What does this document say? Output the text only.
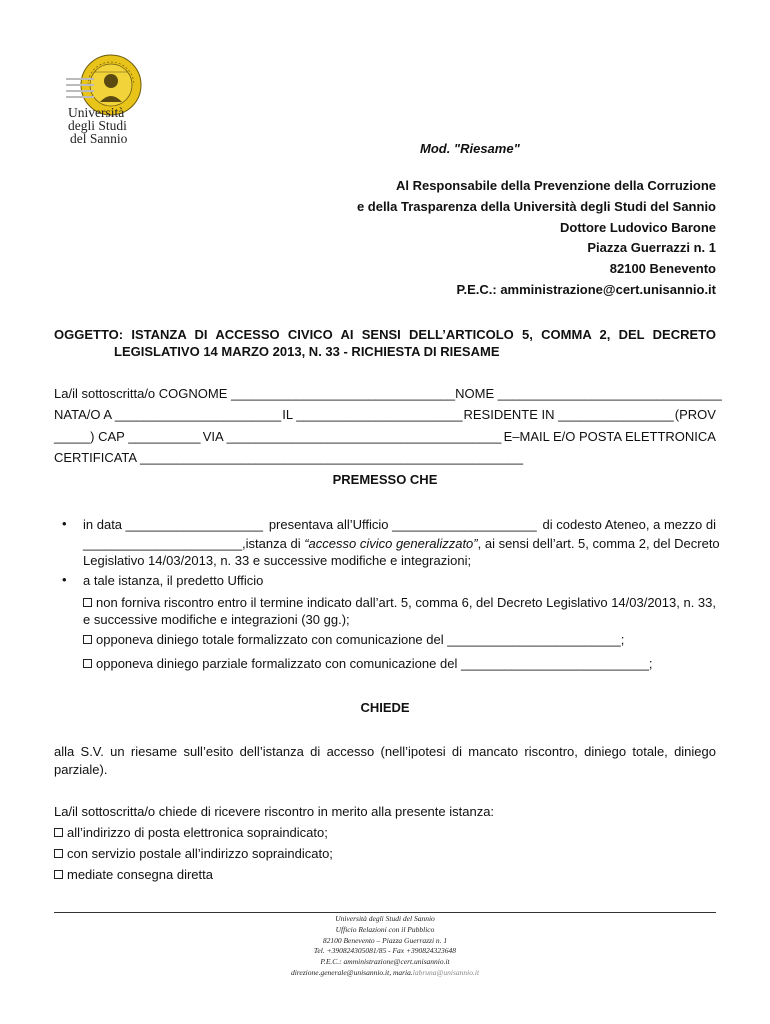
Università
degli Studi
del Sannio
Mod. "Riesame"
Al Responsabile della Prevenzione della Corruzione
e della Trasparenza della Università degli Studi del Sannio
Dottore Ludovico Barone
Piazza Guerrazzi n. 1
82100 Benevento
P.E.C.: amministrazione@cert.unisannio.it
OGGETTO: ISTANZA DI ACCESSO CIVICO AI SENSI DELL’ARTICOLO 5, COMMA 2, DEL DECRETO
LEGISLATIVO 14 MARZO 2013, N. 33 - RICHIESTA DI RIESAME
La/il sottoscritta/o COGNOME _______________________________ NOME _______________________________
NATA/O A _______________________ IL _______________________ RESIDENTE IN ________________ (PROV
_____) CAP __________ VIA ______________________________________ E–MAIL E/O POSTA ELETTRONICA
CERTIFICATA _____________________________________________________
PREMESSO CHE
• in data ___________________ presentava all’Ufficio ____________________ di codesto Ateneo, a mezzo di
______________________,istanza di “accesso civico generalizzato” , ai sensi dell’art. 5, comma 2, del Decreto
Legislativo 14/03/2013, n. 33 e successive modifiche e integrazioni;
• a tale istanza, il predetto Ufficio
non forniva riscontro entro il termine indicato dall’art. 5, comma 6, del Decreto Legislativo 14/03/2013, n. 33,
e successive modifiche e integrazioni (30 gg.);
opponeva diniego totale formalizzato con comunicazione del ________________________;
opponeva diniego parziale formalizzato con comunicazione del __________________________;
CHIEDE
alla S.V. un riesame sull’esito dell’istanza di accesso (nell’ipotesi di mancato riscontro, diniego totale, diniego
parziale).
La/il sottoscritta/o chiede di ricevere riscontro in merito alla presente istanza:
all’indirizzo di posta elettronica sopraindicato;
con servizio postale all’indirizzo sopraindicato;
mediate consegna diretta
Università degli Studi del Sannio
Ufficio Relazioni con il Pubblico
82100 Benevento – Piazza Guerrazzi n. 1
Tel. +390824305081/85 - Fax +390824323648
P.E.C.: amministrazione@cert.unisannio.it
direzione.generale@unisannio.it, maria.labruna@unisannio.it
